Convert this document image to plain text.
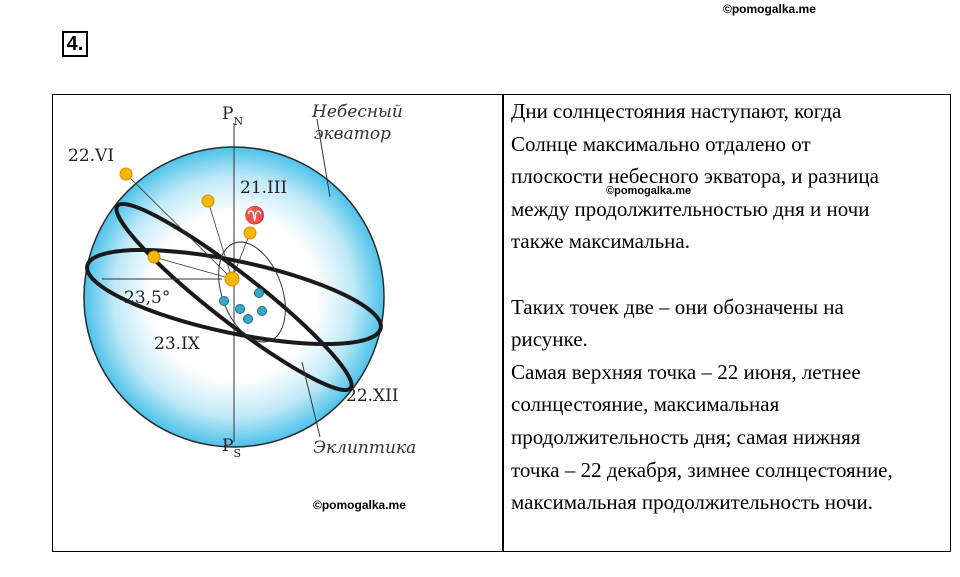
©pomogalka.me
4.
$P_N$
$P_S$
Небесный
экватор
Эклиптика
22.VI
21.III
♈
23,5°
23.IX
22.XII
©pomogalka.me

Дни солнцестояния наступают, когда

Солнце максимально отдалено от

плоскости небесного экватора, и разница

между продолжительностью дня и ночи

также максимальна.

Таких точек две – они обозначены на

рисунке.

Самая верхняя точка – 22 июня, летнее

солнцестояние, максимальная

продолжительность дня; самая нижняя

точка – 22 декабря, зимнее солнцестояние,

максимальная продолжительность ночи.

©pomogalka.me
